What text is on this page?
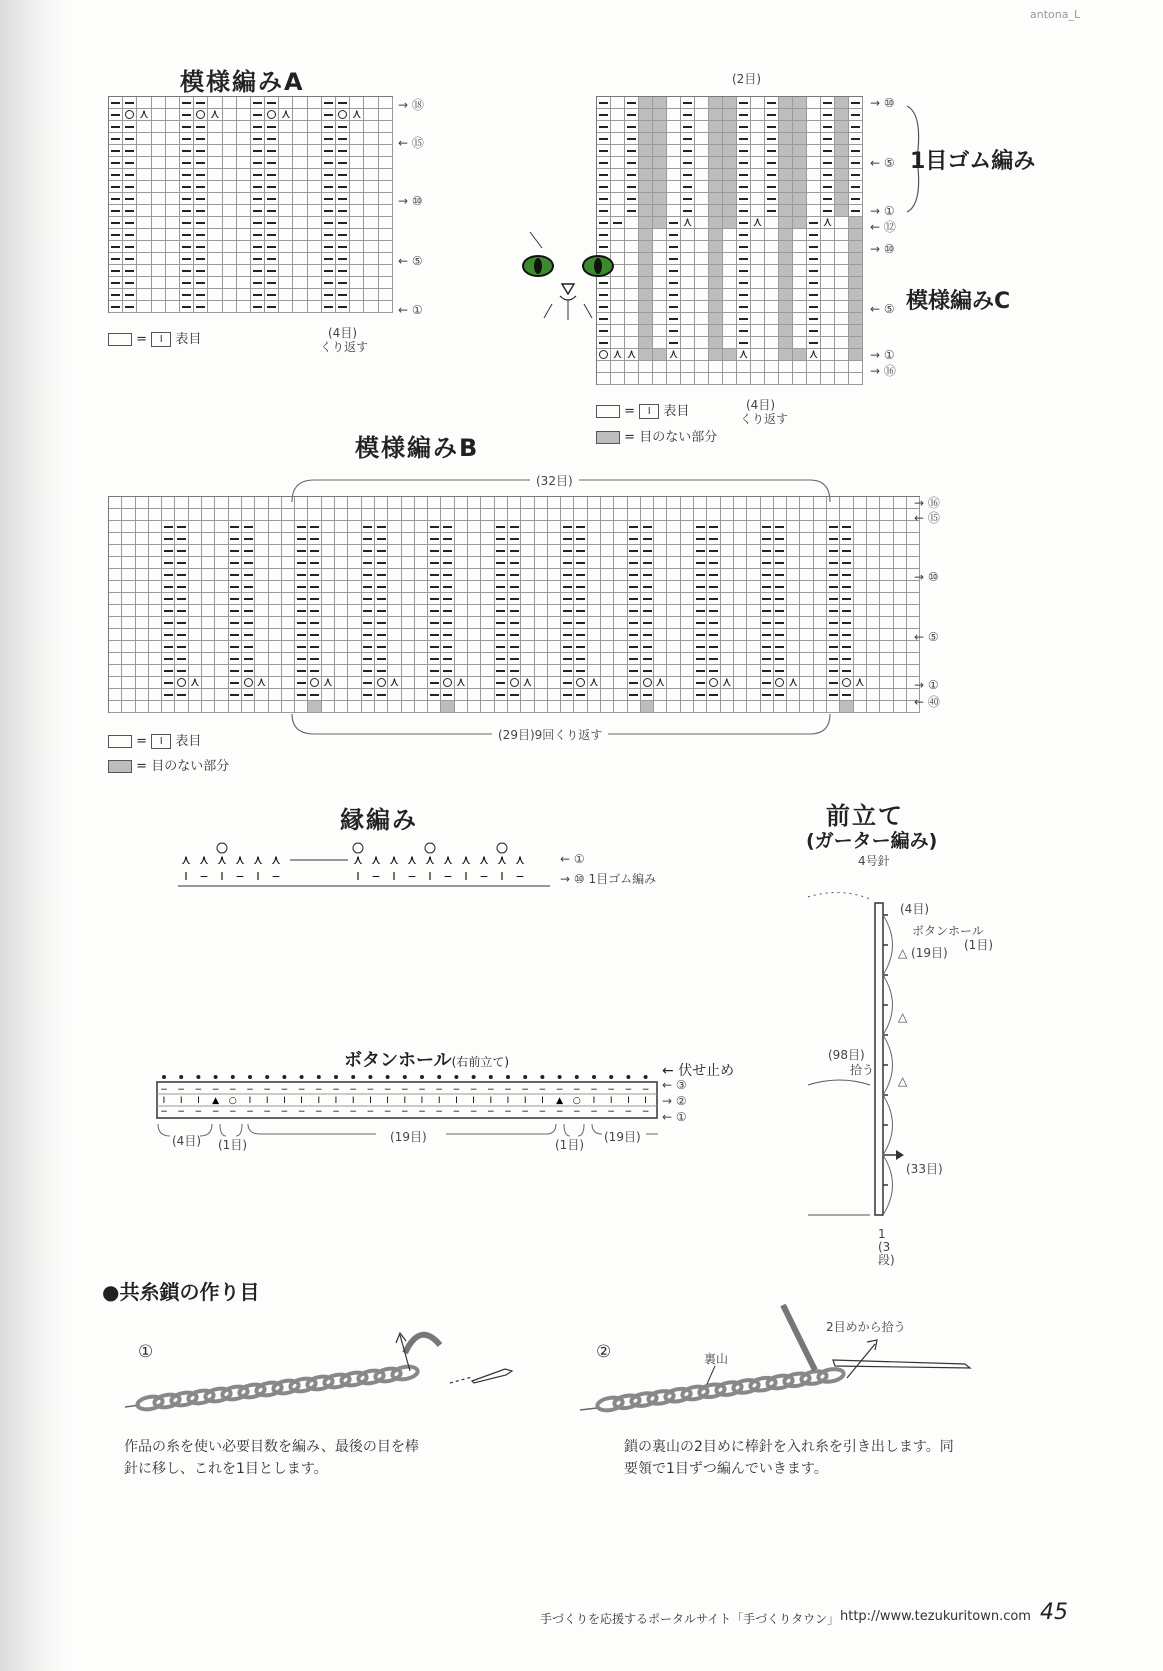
antona_L
模様編みA
⋏
⋏
⋏
⋏
→ ⑱
← ⑮
→ ⑩
← ⑤
← ①
(4目)
くり返す
= Ⅰ 表目
(2目)
⋏
⋏
⋏
⋏
⋏
⋏
⋏
⋏
→ ⑩
← ⑤
→ ①
← ⑫
→ ⑩
← ⑤
→ ①
→ ⑯
1目ゴム編み
模様編みC
(4目)
くり返す
= Ⅰ 表目
= 目のない部分
模様編みB
(32目)
⋏
⋏
⋏
⋏
⋏
⋏
⋏
⋏
⋏
⋏
⋏
→ ⑯
← ⑮
→ ⑩
← ⑤
→ ①
← ㊵
(29目)9回くり返す
= Ⅰ 表目
= 目のない部分
縁編み
⋏
I
⋏
−
⋏
I
⋏
−
⋏
I
⋏
−
⋏
I
⋏
−
⋏
I
⋏
−
⋏
I
⋏
−
⋏
I
⋏
−
⋏
I
⋏
−
← ①
→ ⑩ 1目ゴム編み
前立て
(ガーター編み)
4号針
(4目)
ボタンホール
(1目)
△ (19目)
△
△
(98目)
拾う
(33目)
1(3段)
ボタンホール(右前立て)
−
I
−
−
I
−
−
I
−
−
▲
−
−
○
−
−
I
−
−
I
−
−
I
−
−
I
−
−
I
−
−
I
−
−
I
−
−
I
−
−
I
−
−
I
−
−
I
−
−
I
−
−
I
−
−
I
−
−
I
−
−
I
−
−
I
−
−
I
−
−
▲
−
−
○
−
−
I
−
−
I
−
−
I
−
−
I
−
← 伏せ止め
← ③
→ ②
← ①
(4目) (1目)
(19目)
(1目)
(19目)
●共糸鎖の作り目
①
作品の糸を使い必要目数を編み、最後の目を棒針に移し、これを1目とします。
②	裏山
2目めから拾う
鎖の裏山の2目めに棒針を入れ糸を引き出します。同要領で1目ずつ編んでいきます。
手づくりを応援するポータルサイト「手づくりタウン」 http://www.tezukuritown.com 45
